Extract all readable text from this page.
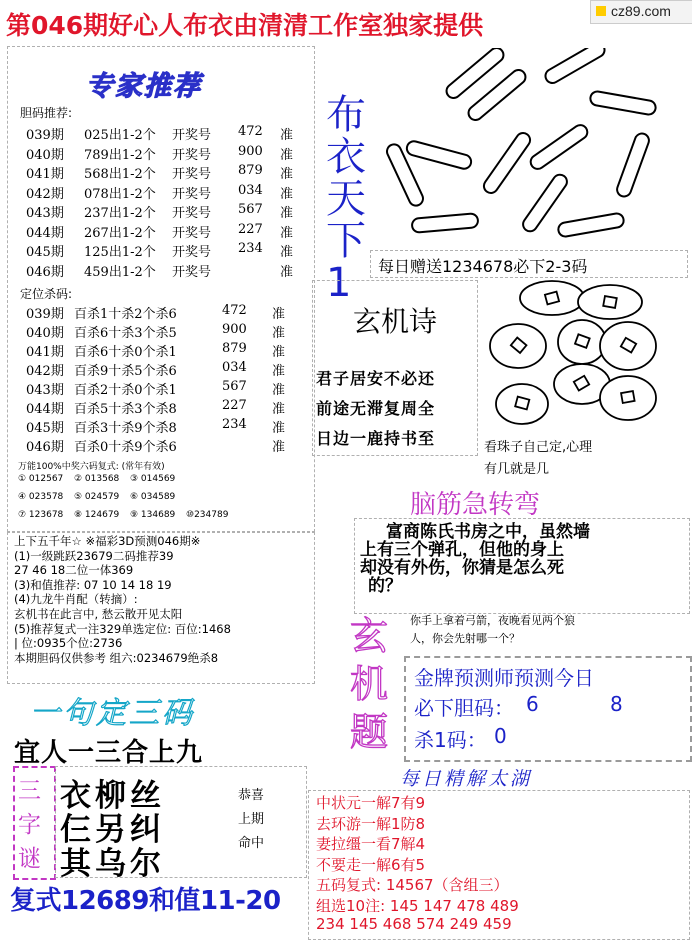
第046期好心人布衣由清清工作室独家提供	cz89.com
专家推荐
胆码推荐:
039期 025出1-2个 开奖号 472 准
040期 789出1-2个 开奖号 900 准
041期 568出1-2个 开奖号 879 准
042期 078出1-2个 开奖号 034 准
043期 237出1-2个 开奖号 567 准
044期 267出1-2个 开奖号 227 准
045期 125出1-2个 开奖号 234 准
046期 459出1-2个 开奖号	准
定位杀码:
039期 百杀1十杀2个杀6	472 准
040期 百杀6十杀3个杀5	900 准
041期 百杀6十杀0个杀1	879 准
042期 百杀9十杀5个杀6	034 准
043期 百杀2十杀0个杀1	567 准
044期 百杀5十杀3个杀8	227 准
045期 百杀3十杀9个杀8	234 准
046期 百杀0十杀9个杀6	准
万能100%中奖六码复式: (常年有效)
① 012567 ② 013568 ③ 014569
④ 023578 ⑤ 024579 ⑥ 034589
⑦ 123678 ⑧ 124679 ⑨ 134689 ⑩234789
上下五千年☆ ※福彩3D预测046期※
(1)一级跳跃23679二码推荐39
27 46 18二位一体369
(3)和值推荐: 07 10 14 18 19
(4)九龙牛肖配（转摘）:
玄机书在此言中, 愁云散开见太阳
(5)推荐复式一注329单选定位: 百位:1468
| 位:0935个位:2736
本期胆码仅供参考 组六:0234679绝杀8
一句定三码
宜人一三合上九
三
字
谜
衣柳丝
仨另纠
其乌尔
恭喜
上期
命中
复式12689和值11-20
布
衣
天
下
1 每日赠送1234678必下2-3码
玄机诗
君子居安不必还
前途无滞复周全
日边一鹿持书至	看珠子自己定,心理
有几就是几
脑筋急转弯
富商陈氏书房之中，虽然墙
上有三个弹孔，但他的身上
却没有外伤，你猜是怎么死
的？
你手上拿着弓箭，夜晚看见两个狼
人，你会先射哪一个？
玄
机
题
金牌预测师预测今日
必下胆码： 6	8
杀1码： 0
每日精解太湖
中状元一解7有9
去环游一解1防8
妻拉缰一看7解4
不要走一解6有5
五码复式: 14567（含组三）
组选10注: 145 147 478 489
234 145 468 574 249 459
